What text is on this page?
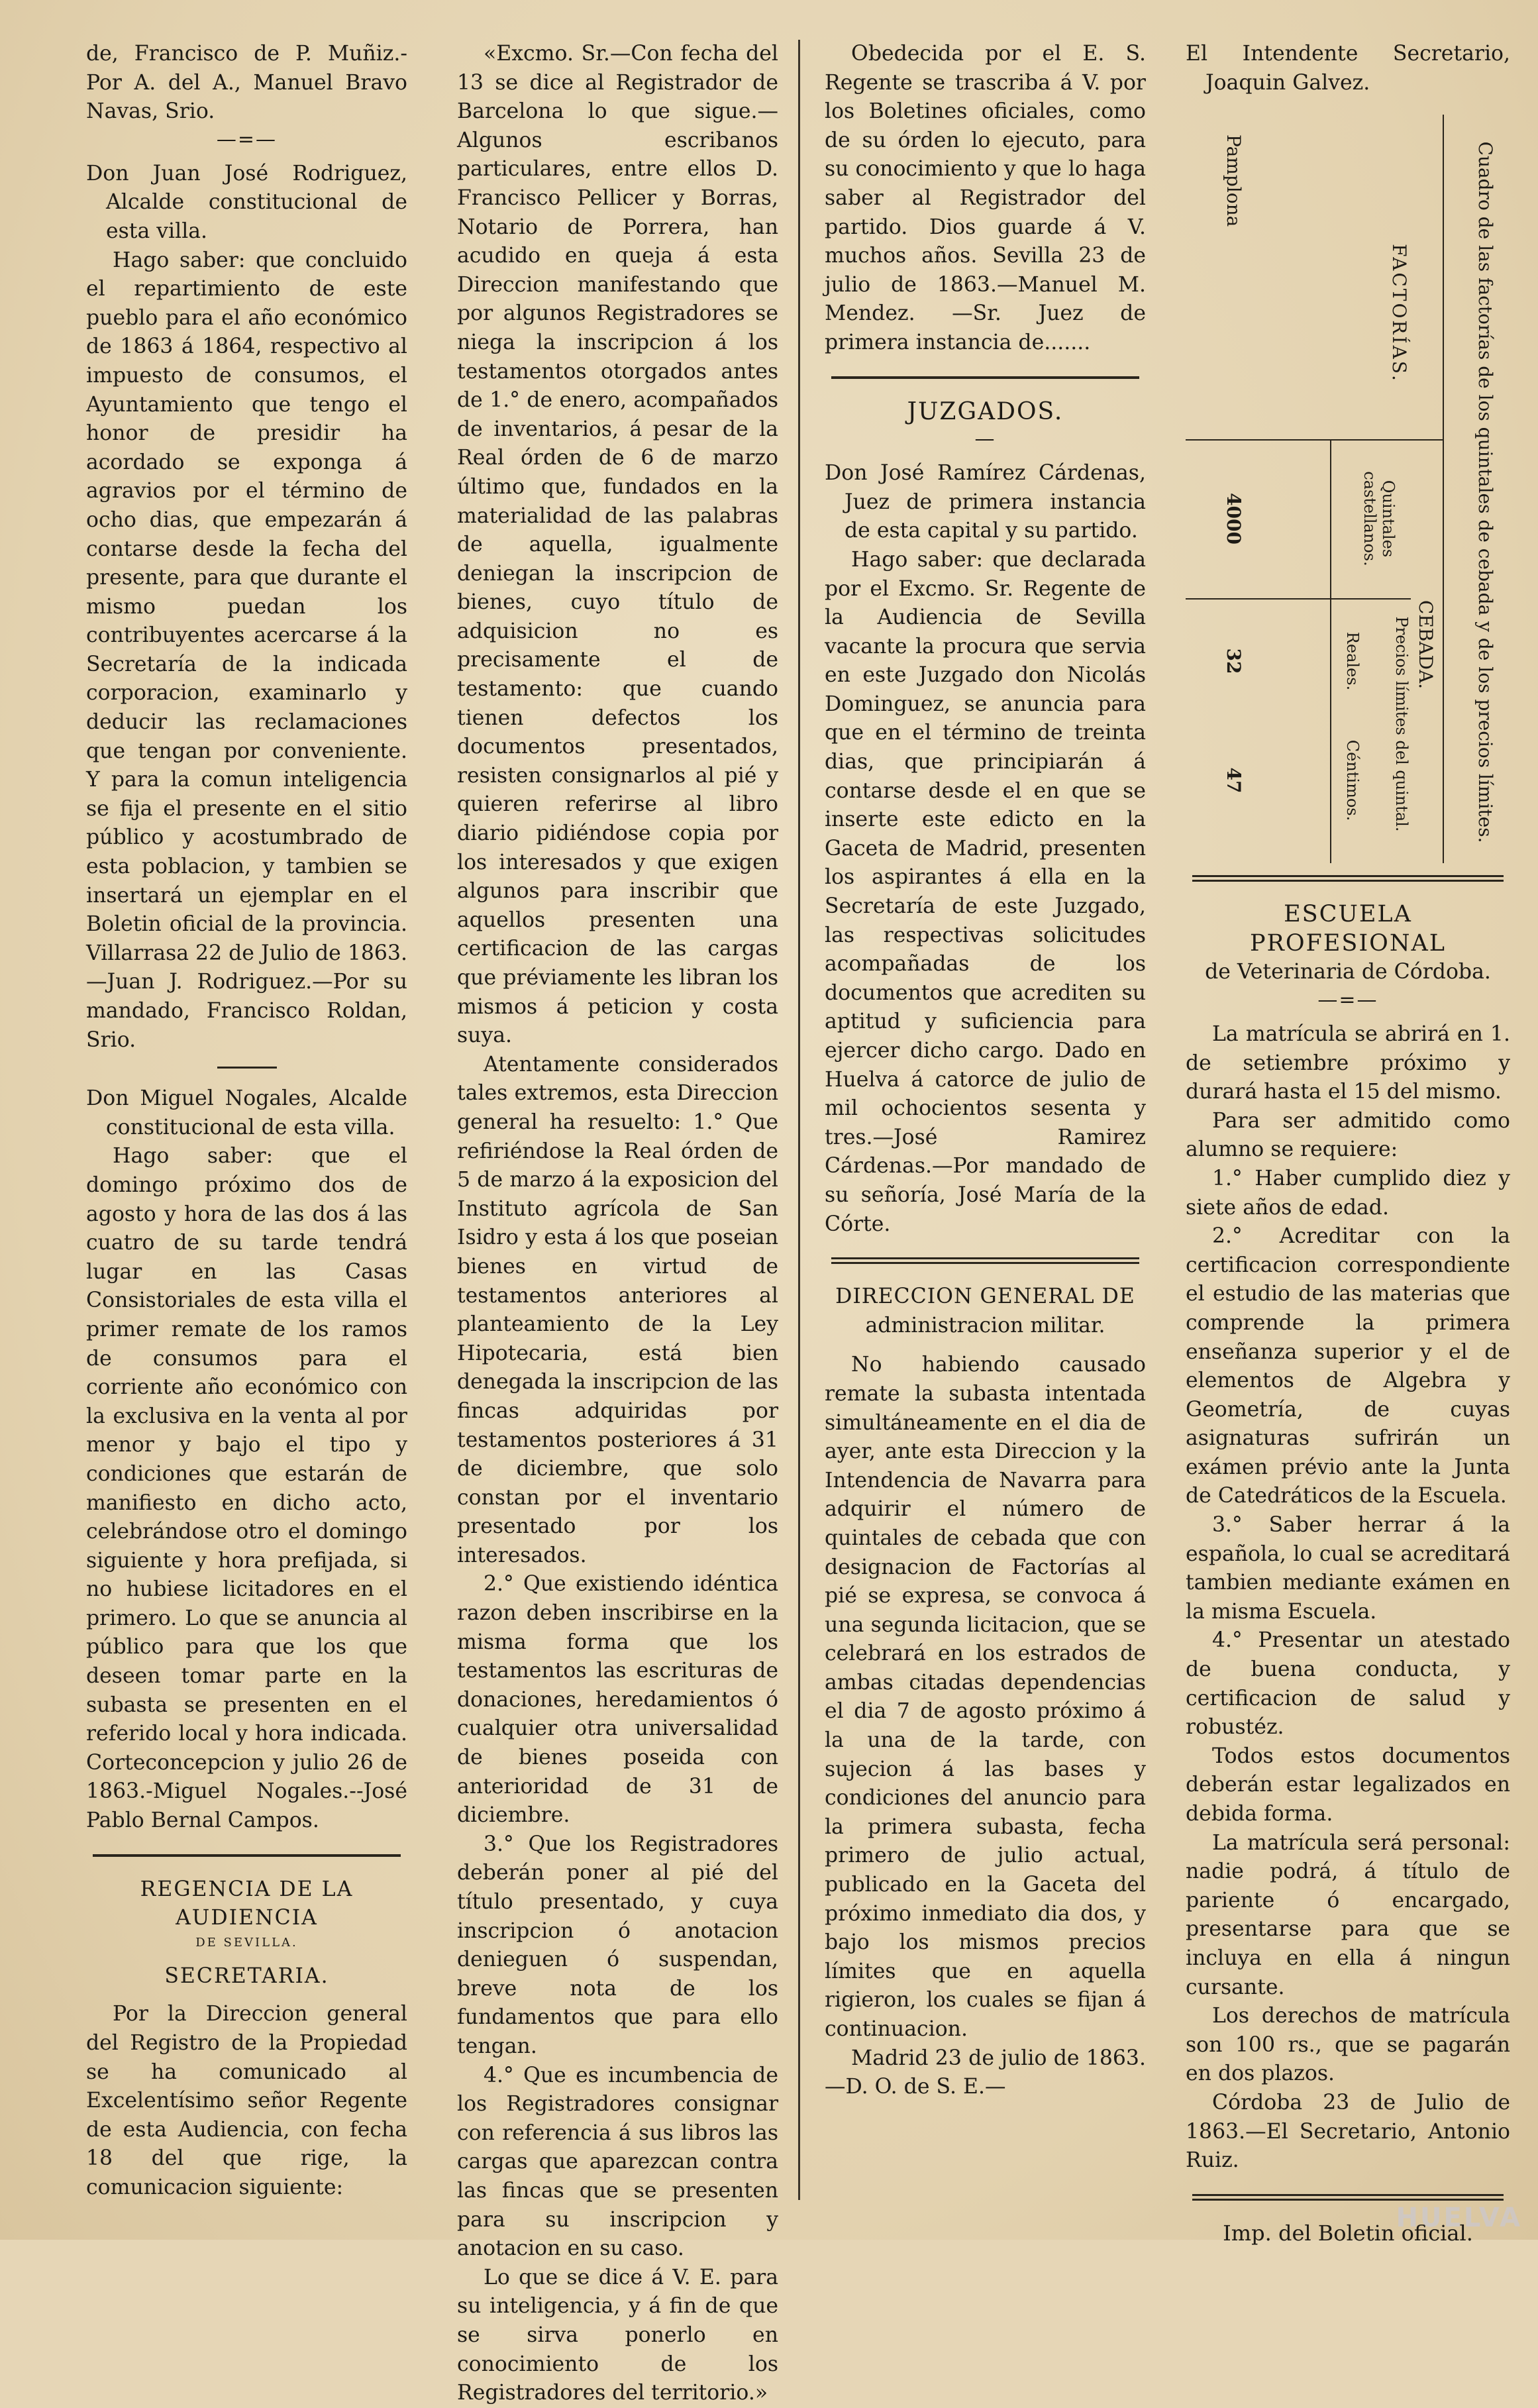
de, Francisco de P. Muñiz.- Por A. del A., Manuel Bravo Navas, Srio.

—=—

Don Juan José Rodriguez, Alcalde constitucional de esta villa.

Hago saber: que concluido el repartimiento de este pueblo para el año económico de 1863 á 1864, respectivo al impuesto de consumos, el Ayuntamiento que tengo el honor de presidir ha acordado se exponga á agravios por el término de ocho dias, que empezarán á contarse desde la fecha del presente, para que durante el mismo puedan los contribuyentes acercarse á la Secretaría de la indicada corporacion, examinarlo y deducir las reclamaciones que tengan por conveniente. Y para la comun inteligencia se fija el presente en el sitio público y acostumbrado de esta poblacion, y tambien se insertará un ejemplar en el Boletin oficial de la provincia. Villarrasa 22 de Julio de 1863. —Juan J. Rodriguez.—Por su mandado, Francisco Roldan, Srio.

Don Miguel Nogales, Alcalde constitucional de esta villa.

Hago saber: que el domingo próximo dos de agosto y hora de las dos á las cuatro de su tarde tendrá lugar en las Casas Consistoriales de esta villa el primer remate de los ramos de consumos para el corriente año económico con la exclusiva en la venta al por menor y bajo el tipo y condiciones que estarán de manifiesto en dicho acto, celebrándose otro el domingo siguiente y hora prefijada, si no hubiese licitadores en el primero. Lo que se anuncia al público para que los que deseen tomar parte en la subasta se presenten en el referido local y hora indicada. Corteconcepcion y julio 26 de 1863.-Miguel Nogales.--José Pablo Bernal Campos.

REGENCIA DE LA AUDIENCIA

DE SEVILLA.

SECRETARIA.

Por la Direccion general del Registro de la Propiedad se ha comunicado al Excelentísimo señor Regente de esta Audiencia, con fecha 18 del que rige, la comunicacion siguiente:

«Excmo. Sr.—Con fecha del 13 se dice al Registrador de Barcelona lo que sigue.— Algunos escribanos particulares, entre ellos D. Francisco Pellicer y Borras, Notario de Porrera, han acudido en queja á esta Direccion manifestando que por algunos Registradores se niega la inscripcion á los testamentos otorgados antes de 1.° de enero, acompañados de inventarios, á pesar de la Real órden de 6 de marzo último que, fundados en la materialidad de las palabras de aquella, igualmente deniegan la inscripcion de bienes, cuyo título de adquisicion no es precisamente el de testamento: que cuando tienen defectos los documentos presentados, resisten consignarlos al pié y quieren referirse al libro diario pidiéndose copia por los interesados y que exigen algunos para inscribir que aquellos presenten una certificacion de las cargas que préviamente les libran los mismos á peticion y costa suya.

Atentamente considerados tales extremos, esta Direccion general ha resuelto: 1.° Que refiriéndose la Real órden de 5 de marzo á la exposicion del Instituto agrícola de San Isidro y esta á los que poseian bienes en virtud de testamentos anteriores al planteamiento de la Ley Hipotecaria, está bien denegada la inscripcion de las fincas adquiridas por testamentos posteriores á 31 de diciembre, que solo constan por el inventario presentado por los interesados.

2.° Que existiendo idéntica razon deben inscribirse en la misma forma que los testamentos las escrituras de donaciones, heredamientos ó cualquier otra universalidad de bienes poseida con anterioridad de 31 de diciembre.

3.° Que los Registradores deberán poner al pié del título presentado, y cuya inscripcion ó anotacion denieguen ó suspendan, breve nota de los fundamentos que para ello tengan.

4.° Que es incumbencia de los Registradores consignar con referencia á sus libros las cargas que aparezcan contra las fincas que se presenten para su inscripcion y anotacion en su caso.

Lo que se dice á V. E. para su inteligencia, y á fin de que se sirva ponerlo en conocimiento de los Registradores del territorio.»

Obedecida por el E. S. Regente se trascriba á V. por los Boletines oficiales, como de su órden lo ejecuto, para su conocimiento y que lo haga saber al Registrador del partido. Dios guarde á V. muchos años. Sevilla 23 de julio de 1863.—Manuel M. Mendez. —Sr. Juez de primera instancia de.......

JUZGADOS.

—

Don José Ramírez Cárdenas, Juez de primera instancia de esta capital y su partido.

Hago saber: que declarada por el Excmo. Sr. Regente de la Audiencia de Sevilla vacante la procura que servia en este Juzgado don Nicolás Dominguez, se anuncia para que en el término de treinta dias, que principiarán á contarse desde el en que se inserte este edicto en la Gaceta de Madrid, presenten los aspirantes á ella en la Secretaría de este Juzgado, las respectivas solicitudes acompañadas de los documentos que acrediten su aptitud y suficiencia para ejercer dicho cargo. Dado en Huelva á catorce de julio de mil ochocientos sesenta y tres.—José Ramirez Cárdenas.—Por mandado de su señoría, José María de la Córte.

DIRECCION GENERAL DE

administracion militar.

No habiendo causado remate la subasta intentada simultáneamente en el dia de ayer, ante esta Direccion y la Intendencia de Navarra para adquirir el número de quintales de cebada que con designacion de Factorías al pié se expresa, se convoca á una segunda licitacion, que se celebrará en los estrados de ambas citadas dependencias el dia 7 de agosto próximo á la una de la tarde, con sujecion á las bases y condiciones del anuncio para la primera subasta, fecha primero de julio actual, publicado en la Gaceta del próximo inmediato dia dos, y bajo los mismos precios límites que en aquella rigieron, los cuales se fijan á continuacion.

Madrid 23 de julio de 1863.—D. O. de S. E.—

El Intendente Secretario, Joaquin Galvez.

Cuadro de las factorías de los quintales de cebada y de los precios límites.
FACTORÍAS.
CEBADA.
Quintales castellanos.
Precios límites del quintal.
Reales.
Céntimos.
Pamplona
4000
32
47

ESCUELA PROFESIONAL

de Veterinaria de Córdoba.

—=—

La matrícula se abrirá en 1. de setiembre próximo y durará hasta el 15 del mismo.

Para ser admitido como alumno se requiere:

1.° Haber cumplido diez y siete años de edad.

2.° Acreditar con la certificacion correspondiente el estudio de las materias que comprende la primera enseñanza superior y el de elementos de Algebra y Geometría, de cuyas asignaturas sufrirán un exámen prévio ante la Junta de Catedráticos de la Escuela.

3.° Saber herrar á la española, lo cual se acreditará tambien mediante exámen en la misma Escuela.

4.° Presentar un atestado de buena conducta, y certificacion de salud y robustéz.

Todos estos documentos deberán estar legalizados en debida forma.

La matrícula será personal: nadie podrá, á título de pariente ó encargado, presentarse para que se incluya en ella á ningun cursante.

Los derechos de matrícula son 100 rs., que se pagarán en dos plazos.

Córdoba 23 de Julio de 1863.—El Secretario, Antonio Ruiz.

Imp. del Boletin oficial.

HUELVA
